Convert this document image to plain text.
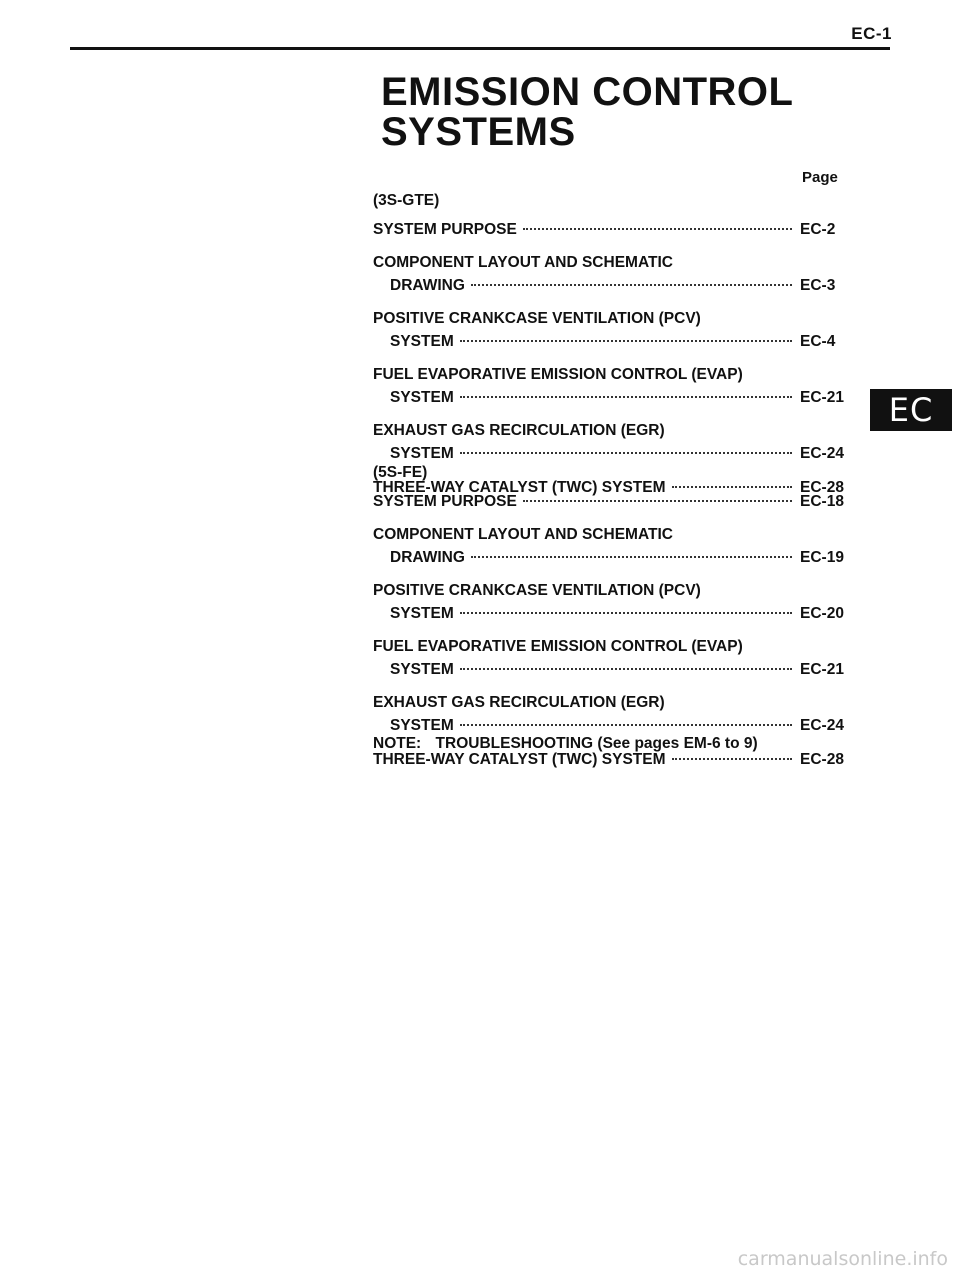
EC-1
EMISSION CONTROL
SYSTEMS
Page
(3S-GTE)
SYSTEM PURPOSE	EC-2
COMPONENT LAYOUT AND SCHEMATIC
DRAWING	EC-3
POSITIVE CRANKCASE VENTILATION (PCV)
SYSTEM	EC-4
FUEL EVAPORATIVE EMISSION CONTROL (EVAP)
SYSTEM	EC-21
EXHAUST GAS RECIRCULATION (EGR)
SYSTEM	EC-24
THREE-WAY CATALYST (TWC) SYSTEM	EC-28
(5S-FE)
SYSTEM PURPOSE	EC-18
COMPONENT LAYOUT AND SCHEMATIC
DRAWING	EC-19
POSITIVE CRANKCASE VENTILATION (PCV)
SYSTEM	EC-20
FUEL EVAPORATIVE EMISSION CONTROL (EVAP)
SYSTEM	EC-21
EXHAUST GAS RECIRCULATION (EGR)
SYSTEM	EC-24
THREE-WAY CATALYST (TWC) SYSTEM	EC-28
NOTE: TROUBLESHOOTING (See pages EM-6 to 9)
EC
carmanualsonline.info
